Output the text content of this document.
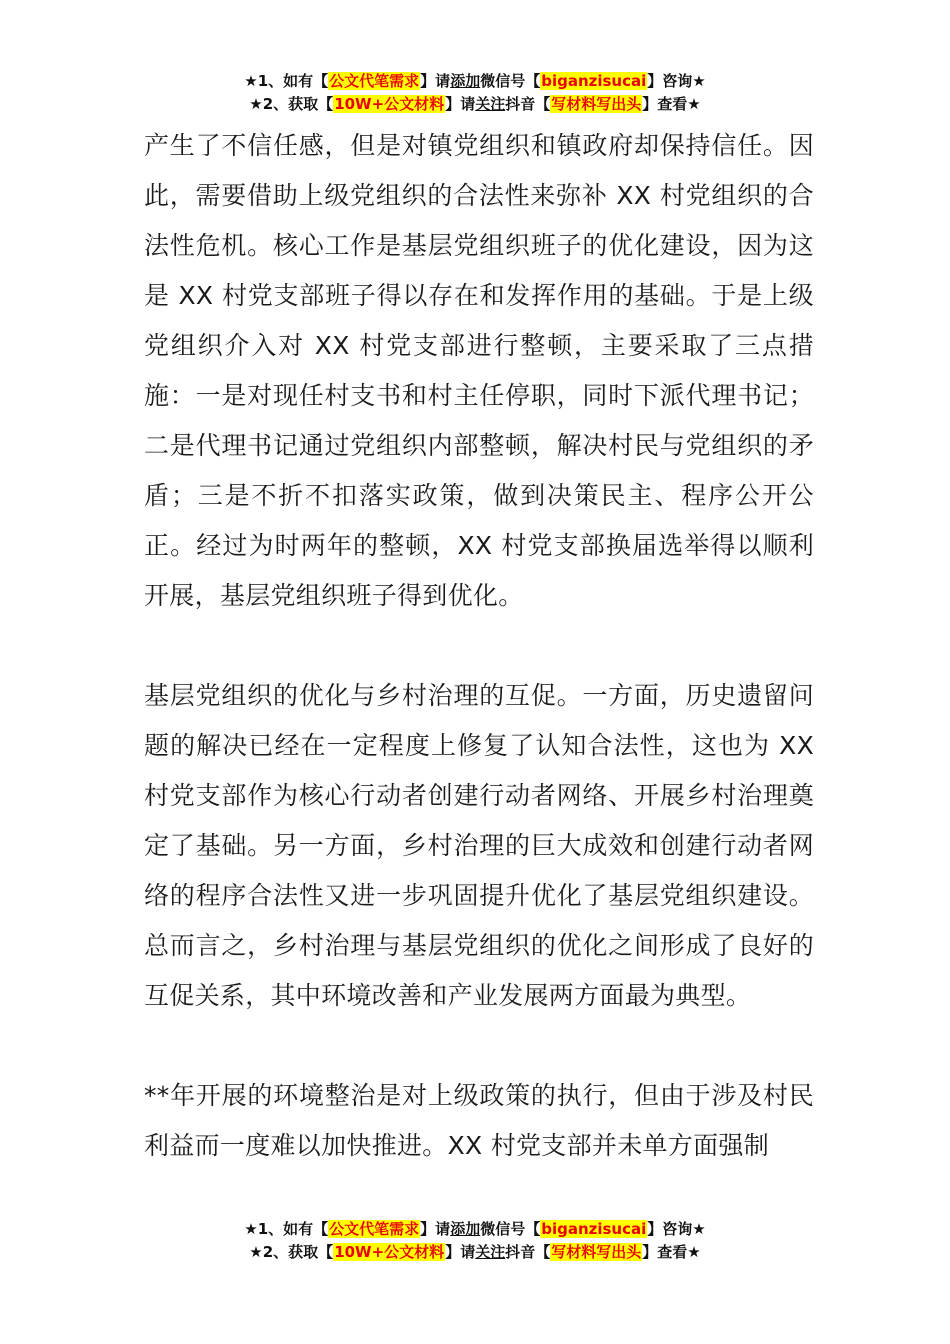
★1、如有【公文代笔需求】请添加微信号【biganzisucai】咨询★
★2、获取【10W+公文材料】请关注抖音【写材料写出头】查看★

产生了不信任感，但是对镇党组织和镇政府却保持信任。因此，需要借助上级党组织的合法性来弥补 XX 村党组织的合法性危机。核心工作是基层党组织班子的优化建设，因为这是 XX 村党支部班子得以存在和发挥作用的基础。于是上级党组织介入对 XX 村党支部进行整顿，主要采取了三点措施：一是对现任村支书和村主任停职，同时下派代理书记；二是代理书记通过党组织内部整顿，解决村民与党组织的矛盾；三是不折不扣落实政策，做到决策民主、程序公开公正。经过为时两年的整顿，XX 村党支部换届选举得以顺利开展，基层党组织班子得到优化。

基层党组织的优化与乡村治理的互促。一方面，历史遗留问题的解决已经在一定程度上修复了认知合法性，这也为 XX 村党支部作为核心行动者创建行动者网络、开展乡村治理奠定了基础。另一方面，乡村治理的巨大成效和创建行动者网络的程序合法性又进一步巩固提升优化了基层党组织建设。总而言之，乡村治理与基层党组织的优化之间形成了良好的互促关系，其中环境改善和产业发展两方面最为典型。

**年开展的环境整治是对上级政策的执行，但由于涉及村民利益而一度难以加快推进。XX 村党支部并未单方面强制

★1、如有【公文代笔需求】请添加微信号【biganzisucai】咨询★
★2、获取【10W+公文材料】请关注抖音【写材料写出头】查看★
